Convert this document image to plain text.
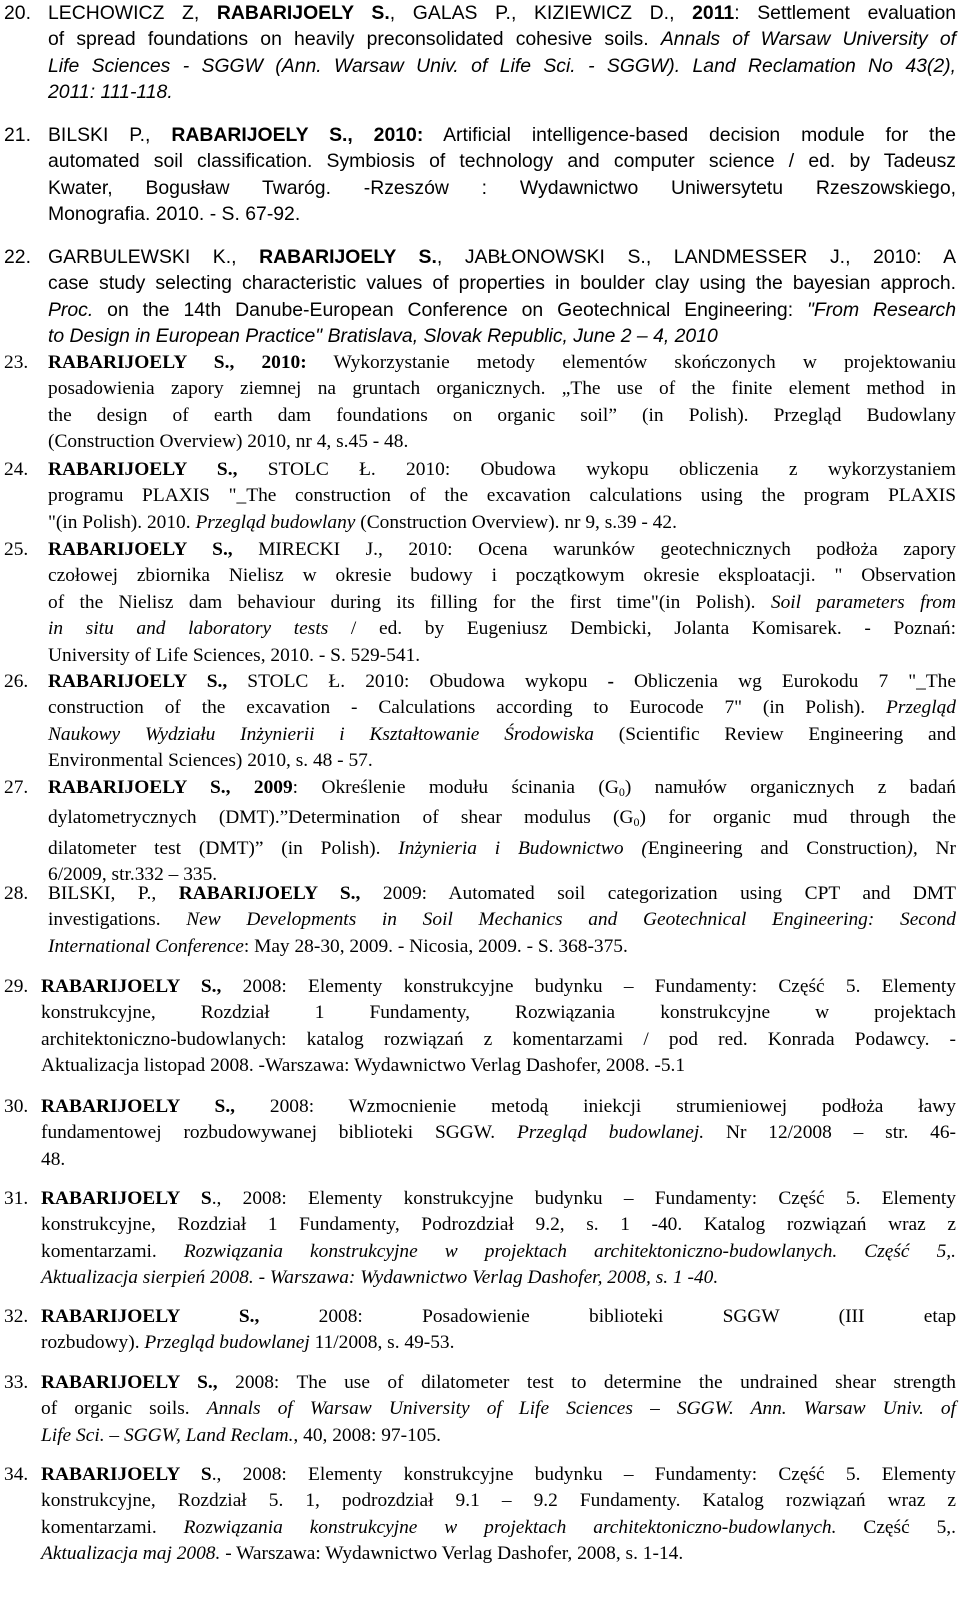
20. LECHOWICZ Z, RABARIJOELY S., GALAS P., KIZIEWICZ D., 2011: Settlement evaluation
of spread foundations on heavily preconsolidated cohesive soils. Annals of Warsaw University of
Life Sciences - SGGW (Ann. Warsaw Univ. of Life Sci. - SGGW). Land Reclamation No 43(2),
2011: 111-118.
21. BILSKI P., RABARIJOELY S., 2010: Artificial intelligence-based decision module for the
automated soil classification. Symbiosis of technology and computer science / ed. by Tadeusz
Kwater, Bogusław Twaróg. -Rzeszów : Wydawnictwo Uniwersytetu Rzeszowskiego,
Monografia. 2010. - S. 67-92.
22. GARBULEWSKI K., RABARIJOELY S., JABŁONOWSKI S., LANDMESSER J., 2010: A
case study selecting characteristic values of properties in boulder clay using the bayesian approch.
Proc. on the 14th Danube-European Conference on Geotechnical Engineering: "From Research
to Design in European Practice" Bratislava, Slovak Republic, June 2 – 4, 2010
23. RABARIJOELY S., 2010: Wykorzystanie metody elementów skończonych w projektowaniu
posadowienia zapory ziemnej na gruntach organicznych. „The use of the finite element method in
the design of earth dam foundations on organic soil” (in Polish). Przegląd Budowlany
(Construction Overview) 2010, nr 4, s.45 - 48.
24. RABARIJOELY S., STOLC Ł. 2010: Obudowa wykopu obliczenia z wykorzystaniem
programu PLAXIS "_The construction of the excavation calculations using the program PLAXIS
"(in Polish). 2010. Przegląd budowlany (Construction Overview). nr 9, s.39 - 42.
25. RABARIJOELY S., MIRECKI J., 2010: Ocena warunków geotechnicznych podłoża zapory
czołowej zbiornika Nielisz w okresie budowy i początkowym okresie eksploatacji. " Observation
of the Nielisz dam behaviour during its filling for the first time"(in Polish). Soil parameters from
in situ and laboratory tests / ed. by Eugeniusz Dembicki, Jolanta Komisarek. - Poznań:
University of Life Sciences, 2010. - S. 529-541.
26. RABARIJOELY S., STOLC Ł. 2010: Obudowa wykopu - Obliczenia wg Eurokodu 7 "_The
construction of the excavation - Calculations according to Eurocode 7" (in Polish). Przegląd
Naukowy Wydziału Inżynierii i Kształtowanie Środowiska (Scientific Review Engineering and
Environmental Sciences) 2010, s. 48 - 57.
27. RABARIJOELY S., 2009: Określenie modułu ścinania $(G_0)$ namułów organicznych z badań
dylatometrycznych (DMT).”Determination of shear modulus $(G_0)$ for organic mud through the
dilatometer test (DMT)” (in Polish). Inżynieria i Budownictwo (Engineering and Construction), Nr
6/2009, str.332 – 335.
28. BILSKI, P., RABARIJOELY S., 2009: Automated soil categorization using CPT and DMT
investigations. New Developments in Soil Mechanics and Geotechnical Engineering: Second
International Conference: May 28-30, 2009. - Nicosia, 2009. - S. 368-375.
29. RABARIJOELY S., 2008: Elementy konstrukcyjne budynku – Fundamenty: Część 5. Elementy
konstrukcyjne, Rozdział 1 Fundamenty, Rozwiązania konstrukcyjne w projektach
architektoniczno-budowlanych: katalog rozwiązań z komentarzami / pod red. Konrada Podawcy. -
Aktualizacja listopad 2008. -Warszawa: Wydawnictwo Verlag Dashofer, 2008. -5.1
30. RABARIJOELY S., 2008: Wzmocnienie metodą iniekcji strumieniowej podłoża ławy
fundamentowej rozbudowywanej biblioteki SGGW. Przegląd budowlanej. Nr 12/2008 – str. 46-
48.
31. RABARIJOELY S., 2008: Elementy konstrukcyjne budynku – Fundamenty: Część 5. Elementy
konstrukcyjne, Rozdział 1 Fundamenty, Podrozdział 9.2, s. 1 -40. Katalog rozwiązań wraz z
komentarzami. Rozwiązania konstrukcyjne w projektach architektoniczno-budowlanych. Część 5,.
Aktualizacja sierpień 2008. - Warszawa: Wydawnictwo Verlag Dashofer, 2008, s. 1 -40.
32. RABARIJOELY S., 2008: Posadowienie biblioteki SGGW (III etap
rozbudowy). Przegląd budowlanej 11/2008, s. 49-53.
33. RABARIJOELY S., 2008: The use of dilatometer test to determine the undrained shear strength
of organic soils. Annals of Warsaw University of Life Sciences – SGGW. Ann. Warsaw Univ. of
Life Sci. – SGGW, Land Reclam., 40, 2008: 97-105.
34. RABARIJOELY S., 2008: Elementy konstrukcyjne budynku – Fundamenty: Część 5. Elementy
konstrukcyjne, Rozdział 5. 1, podrozdział 9.1 – 9.2 Fundamenty. Katalog rozwiązań wraz z
komentarzami. Rozwiązania konstrukcyjne w projektach architektoniczno-budowlanych. Część 5,.
Aktualizacja maj 2008. - Warszawa: Wydawnictwo Verlag Dashofer, 2008, s. 1-14.
